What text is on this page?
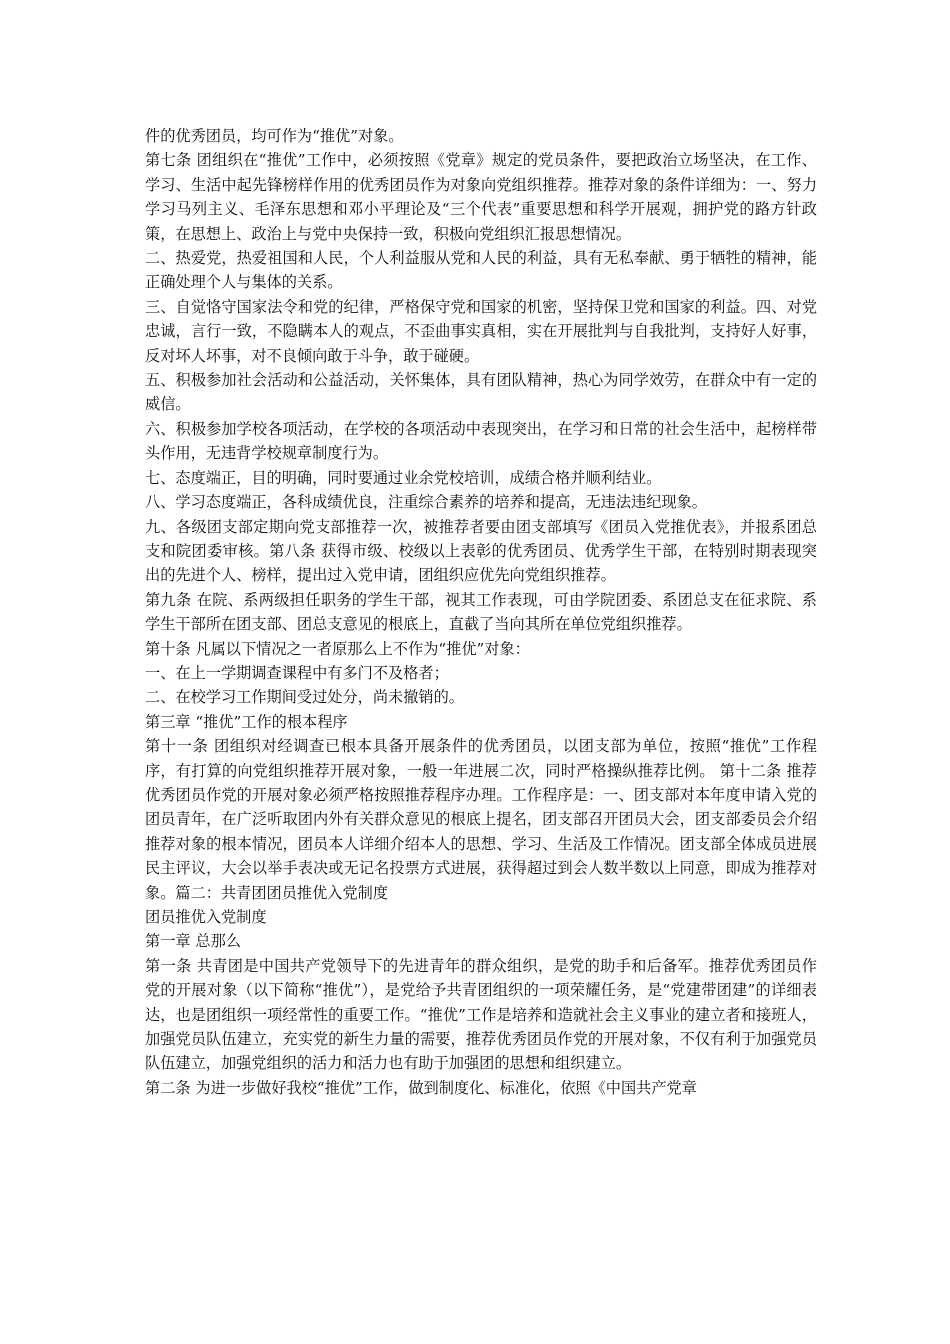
件的优秀团员，均可作为“推优”对象。

第七条 团组织在“推优”工作中，必须按照《党章》规定的党员条件，要把政治立场坚决，在工作、学习、生活中起先锋榜样作用的优秀团员作为对象向党组织推荐。推荐对象的条件详细为：一、努力学习马列主义、毛泽东思想和邓小平理论及“三个代表”重要思想和科学开展观，拥护党的路方针政策，在思想上、政治上与党中央保持一致，积极向党组织汇报思想情况。

二、热爱党，热爱祖国和人民，个人利益服从党和人民的利益，具有无私奉献、勇于牺牲的精神，能正确处理个人与集体的关系。

三、自觉恪守国家法令和党的纪律，严格保守党和国家的机密，坚持保卫党和国家的利益。四、对党忠诚，言行一致，不隐瞒本人的观点，不歪曲事实真相，实在开展批判与自我批判，支持好人好事，反对坏人坏事，对不良倾向敢于斗争，敢于碰硬。

五、积极参加社会活动和公益活动，关怀集体，具有团队精神，热心为同学效劳，在群众中有一定的威信。

六、积极参加学校各项活动，在学校的各项活动中表现突出，在学习和日常的社会生活中，起榜样带头作用，无违背学校规章制度行为。

七、态度端正，目的明确，同时要通过业余党校培训，成绩合格并顺利结业。

八、学习态度端正，各科成绩优良，注重综合素养的培养和提高，无违法违纪现象。

九、各级团支部定期向党支部推荐一次，被推荐者要由团支部填写《团员入党推优表》，并报系团总支和院团委审核。第八条 获得市级、校级以上表彰的优秀团员、优秀学生干部，在特别时期表现突出的先进个人、榜样，提出过入党申请，团组织应优先向党组织推荐。

第九条 在院、系两级担任职务的学生干部，视其工作表现，可由学院团委、系团总支在征求院、系学生干部所在团支部、团总支意见的根底上，直截了当向其所在单位党组织推荐。

第十条 凡属以下情况之一者原那么上不作为“推优”对象：

一、在上一学期调查课程中有多门不及格者；

二、在校学习工作期间受过处分，尚未撤销的。

第三章 “推优”工作的根本程序

第十一条 团组织对经调查已根本具备开展条件的优秀团员，以团支部为单位，按照“推优”工作程序，有打算的向党组织推荐开展对象，一般一年进展二次，同时严格操纵推荐比例。 第十二条 推荐优秀团员作党的开展对象必须严格按照推荐程序办理。工作程序是：一、团支部对本年度申请入党的团员青年，在广泛听取团内外有关群众意见的根底上提名，团支部召开团员大会，团支部委员会介绍推荐对象的根本情况，团员本人详细介绍本人的思想、学习、生活及工作情况。团支部全体成员进展民主评议，大会以举手表决或无记名投票方式进展，获得超过到会人数半数以上同意，即成为推荐对象。篇二：共青团团员推优入党制度

团员推优入党制度

第一章 总那么

第一条 共青团是中国共产党领导下的先进青年的群众组织，是党的助手和后备军。推荐优秀团员作党的开展对象（以下简称“推优”），是党给予共青团组织的一项荣耀任务，是“党建带团建”的详细表达，也是团组织一项经常性的重要工作。“推优”工作是培养和造就社会主义事业的建立者和接班人，加强党员队伍建立，充实党的新生力量的需要，推荐优秀团员作党的开展对象，不仅有利于加强党员队伍建立，加强党组织的活力和活力也有助于加强团的思想和组织建立。

第二条 为进一步做好我校“推优”工作，做到制度化、标准化，依照《中国共产党章
